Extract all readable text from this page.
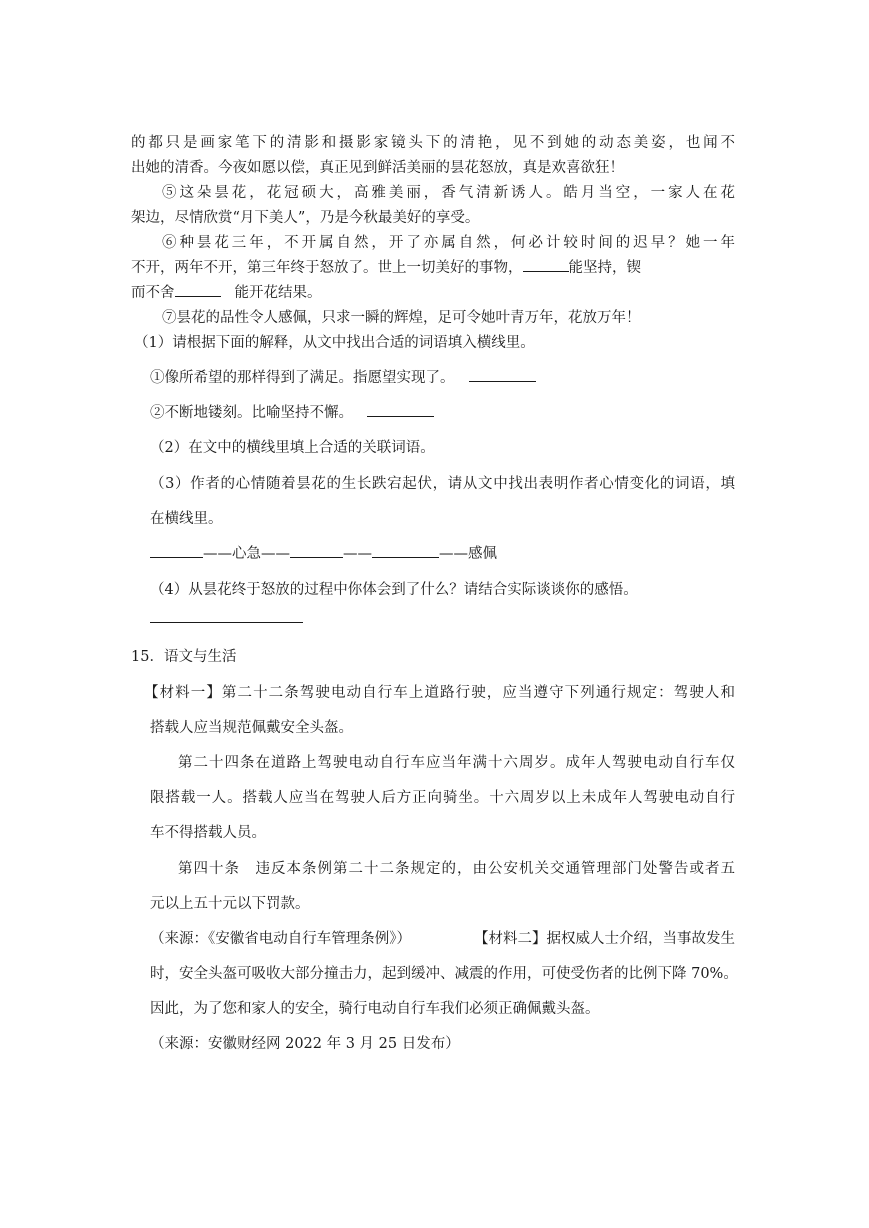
的都只是画家笔下的清影和摄影家镜头下的清艳，见不到她的动态美姿，也闻不
出她的清香。今夜如愿以偿，真正见到鲜活美丽的昙花怒放，真是欢喜欲狂！
⑤这朵昙花，花冠硕大，高雅美丽，香气清新诱人。皓月当空，一家人在花
架边，尽情欣赏“月下美人”，乃是今秋最美好的享受。
⑥种昙花三年，不开属自然，开了亦属自然，何必计较时间的迟早？她一年
不开，两年不开，第三年终于怒放了。世上一切美好的事物，	能坚持，锲
而不舍	能开花结果。
⑦昙花的品性令人感佩，只求一瞬的辉煌，足可令她叶青万年，花放万年！
（1）请根据下面的解释，从文中找出合适的词语填入横线里。
①像所希望的那样得到了满足。指愿望实现了。
②不断地镂刻。比喻坚持不懈。
（2）在文中的横线里填上合适的关联词语。
（3）作者的心情随着昙花的生长跌宕起伏，请从文中找出表明作者心情变化的词语，填
在横线里。
——心急——	——	——感佩
（4）从昙花终于怒放的过程中你体会到了什么？请结合实际谈谈你的感悟。
15．语文与生活
【材料一】第二十二条驾驶电动自行车上道路行驶，应当遵守下列通行规定：驾驶人和
搭载人应当规范佩戴安全头盔。
第二十四条在道路上驾驶电动自行车应当年满十六周岁。成年人驾驶电动自行车仅
限搭载一人。搭载人应当在驾驶人后方正向骑坐。十六周岁以上未成年人驾驶电动自行
车不得搭载人员。
第四十条　违反本条例第二十二条规定的，由公安机关交通管理部门处警告或者五
元以上五十元以下罚款。
（来源：《安徽省电动自行车管理条例》）	【材料二】据权威人士介绍，当事故发生
时，安全头盔可吸收大部分撞击力，起到缓冲、减震的作用，可使受伤者的比例下降 70%。
因此，为了您和家人的安全，骑行电动自行车我们必须正确佩戴头盔。
（来源：安徽财经网 2022 年 3 月 25 日发布）
